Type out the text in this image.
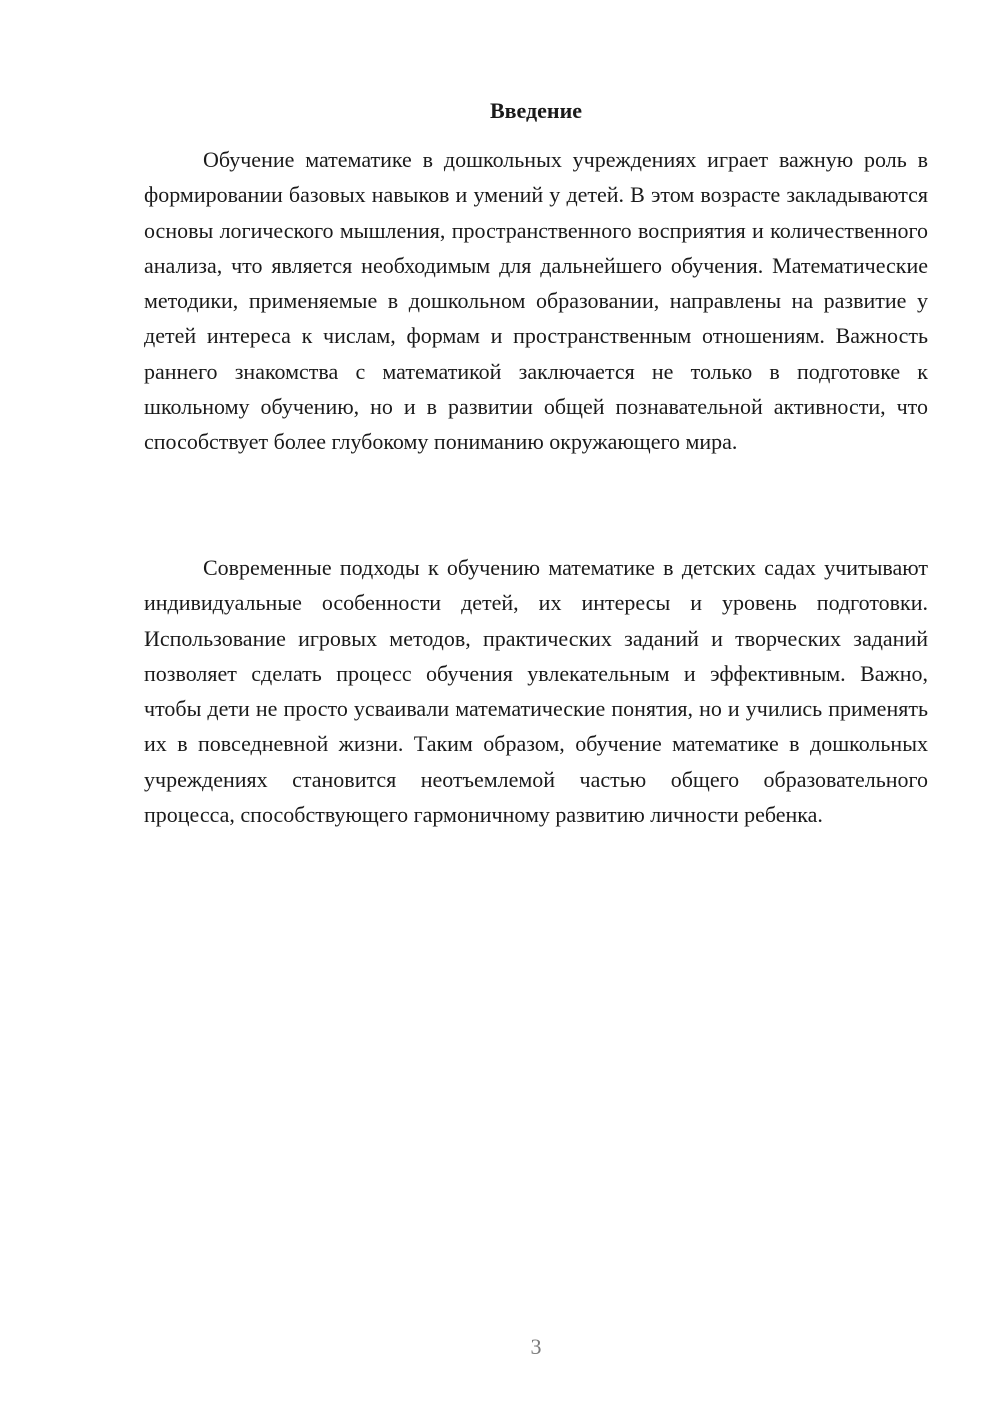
Введение

Обучение математике в дошкольных учреждениях играет важную роль в формировании базовых навыков и умений у детей. В этом возрасте закладываются основы логического мышления, пространственного восприятия и количественного анализа, что является необходимым для дальнейшего обучения. Математические методики, применяемые в дошкольном образовании, направлены на развитие у детей интереса к числам, формам и пространственным отношениям. Важность раннего знакомства с математикой заключается не только в подготовке к школьному обучению, но и в развитии общей познавательной активности, что способствует более глубокому пониманию окружающего мира.

Современные подходы к обучению математике в детских садах учитывают индивидуальные особенности детей, их интересы и уровень подготовки. Использование игровых методов, практических заданий и творческих заданий позволяет сделать процесс обучения увлекательным и эффективным. Важно, чтобы дети не просто усваивали математические понятия, но и учились применять их в повседневной жизни. Таким образом, обучение математике в дошкольных учреждениях становится неотъемлемой частью общего образовательного процесса, способствующего гармоничному развитию личности ребенка.

3
